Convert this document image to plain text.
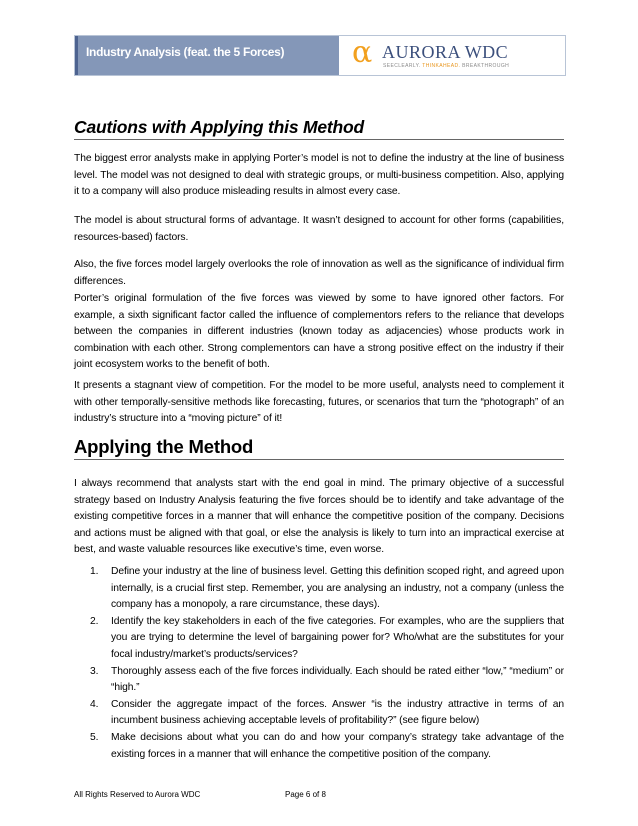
Industry Analysis (feat. the 5 Forces) α AURORA WDC
SEECLEARLY. THINKAHEAD. BREAKTHROUGH
Cautions with Applying this Method
The biggest error analysts make in applying Porter’s model is not to define the industry at the line of business level. The model was not designed to deal with strategic groups, or multi-business competition. Also, applying it to a company will also produce misleading results in almost every case.
The model is about structural forms of advantage. It wasn’t designed to account for other forms (capabilities, resources-based) factors.
Also, the five forces model largely overlooks the role of innovation as well as the significance of individual firm differences.
Porter’s original formulation of the five forces was viewed by some to have ignored other factors. For example, a sixth significant factor called the influence of complementors refers to the reliance that develops between the companies in different industries (known today as adjacencies) whose products work in combination with each other. Strong complementors can have a strong positive effect on the industry if their joint ecosystem works to the benefit of both.
It presents a stagnant view of competition. For the model to be more useful, analysts need to complement it with other temporally-sensitive methods like forecasting, futures, or scenarios that turn the “photograph” of an industry’s structure into a “moving picture” of it!
Applying the Method
I always recommend that analysts start with the end goal in mind. The primary objective of a successful strategy based on Industry Analysis featuring the five forces should be to identify and take advantage of the existing competitive forces in a manner that will enhance the competitive position of the company. Decisions and actions must be aligned with that goal, or else the analysis is likely to turn into an impractical exercise at best, and waste valuable resources like executive’s time, even worse.
1. Define your industry at the line of business level. Getting this definition scoped right, and agreed upon internally, is a crucial first step. Remember, you are analysing an industry, not a company (unless the company has a monopoly, a rare circumstance, these days).
2. Identify the key stakeholders in each of the five categories. For examples, who are the suppliers that you are trying to determine the level of bargaining power for? Who/what are the substitutes for your focal industry/market’s products/services?
3. Thoroughly assess each of the five forces individually. Each should be rated either “low,” “medium” or “high.”
4. Consider the aggregate impact of the forces. Answer “is the industry attractive in terms of an incumbent business achieving acceptable levels of profitability?” (see figure below)
5. Make decisions about what you can do and how your company’s strategy take advantage of the existing forces in a manner that will enhance the competitive position of the company.
All Rights Reserved to Aurora WDC	Page 6 of 8
